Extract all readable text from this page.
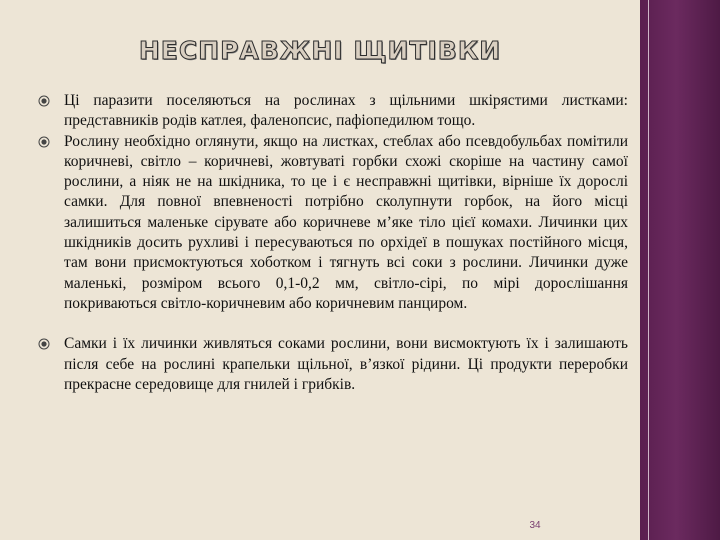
НЕСПРАВЖНІ ЩИТІВКИ
Ці паразити поселяються на рослинах з щільними шкірястими листками: представників родів катлея, фаленопсис, пафіопедилюм тощо.
Рослину необхідно оглянути, якщо на листках, стеблах або псевдобульбах помітили коричневі, світло – коричневі, жовтуваті горбки схожі скоріше на частину самої рослини, а ніяк не на шкідника, то це і є несправжні щитівки, вірніше їх дорослі самки. Для повної впевненості потрібно сколупнути горбок, на його місці залишиться маленьке сірувате або коричневе м’яке тіло цієї комахи. Личинки цих шкідників досить рухливі і пересуваються по орхідеї в пошуках постійного місця, там вони присмоктуються хоботком і тягнуть всі соки з рослини. Личинки дуже маленькі, розміром всього 0,1-0,2 мм, світло-сірі, по мірі дорослішання покриваються світло-коричневим або коричневим панциром.
Самки і їх личинки живляться соками рослини, вони висмоктують їх і залишають після себе на рослині крапельки щільної, в’язкої рідини. Ці продукти переробки прекрасне середовище для гнилей і грибків.
34
